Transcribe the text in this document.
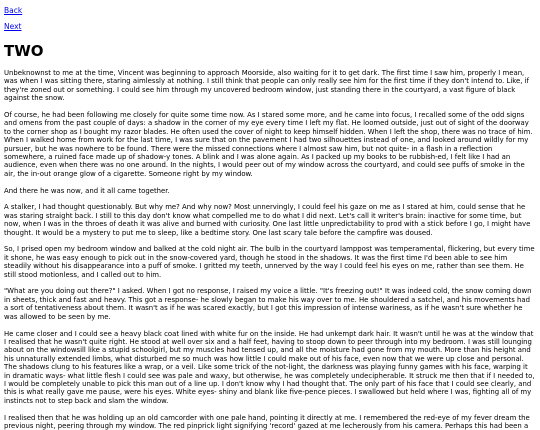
Back
Next
TWO

Unbeknownst to me at the time, Vincent was beginning to approach Moorside, also waiting for it to get dark. The first time I saw him, properly I mean, was when I was sitting there, staring aimlessly at nothing. I still think that people can only really see him for the first time if they don't intend to. Like, if they're zoned out or something. I could see him through my uncovered bedroom window, just standing there in the courtyard, a vast figure of black against the snow.

Of course, he had been following me closely for quite some time now. As I stared some more, and he came into focus, I recalled some of the odd signs and omens from the past couple of days: a shadow in the corner of my eye every time I left my flat. He loomed outside, just out of sight of the doorway to the corner shop as I bought my razor blades. He often used the cover of night to keep himself hidden. When I left the shop, there was no trace of him. When I walked home from work for the last time, I was sure that on the pavement I had two silhouettes instead of one, and looked around wildly for my pursuer, but he was nowhere to be found. There were the missed connections where I almost saw him, but not quite- in a flash in a reflection somewhere, a ruined face made up of shadow-y tones. A blink and I was alone again. As I packed up my books to be rubbish-ed, I felt like I had an audience, even when there was no one around. In the nights, I would peer out of my window across the courtyard, and could see puffs of smoke in the air, the in-out orange glow of a cigarette. Someone right by my window.

And there he was now, and it all came together.

A stalker, I had thought questionably. But why me? And why now? Most unnervingly, I could feel his gaze on me as I stared at him, could sense that he was staring straight back. I still to this day don't know what compelled me to do what I did next. Let's call it writer's brain: inactive for some time, but now, when I was in the throes of death it was alive and burned with curiosity. One last little unpredictability to prod with a stick before I go, I might have thought. It would be a mystery to put me to sleep, like a bedtime story. One last scary tale before the campfire was doused.

So, I prised open my bedroom window and balked at the cold night air. The bulb in the courtyard lamppost was temperamental, flickering, but every time it shone, he was easy enough to pick out in the snow-covered yard, though he stood in the shadows. It was the first time I'd been able to see him steadily without his disappearance into a puff of smoke. I gritted my teeth, unnerved by the way I could feel his eyes on me, rather than see them. He still stood motionless, and I called out to him.

"What are you doing out there?" I asked. When I got no response, I raised my voice a little. "It's freezing out!" It was indeed cold, the snow coming down in sheets, thick and fast and heavy. This got a response- he slowly began to make his way over to me. He shouldered a satchel, and his movements had a sort of tentativeness about them. It wasn't as if he was scared exactly, but I got this impression of intense wariness, as if he wasn't sure whether he was allowed to be seen by me.

He came closer and I could see a heavy black coat lined with white fur on the inside. He had unkempt dark hair. It wasn't until he was at the window that I realised that he wasn't quite right. He stood at well over six and a half feet, having to stoop down to peer through into my bedroom. I was still lounging about on the windowsill like a stupid schoolgirl, but my muscles had tensed up, and all the moisture had gone from my mouth. More than his height and his unnaturally extended limbs, what disturbed me so much was how little I could make out of his face, even now that we were up close and personal. The shadows clung to his features like a wrap, or a veil. Like some trick of the not-light, the darkness was playing funny games with his face, warping it in dramatic ways- what little flesh I could see was pale and waxy, but otherwise, he was completely undecipherable. It struck me then that if I needed to, I would be completely unable to pick this man out of a line up. I don't know why I had thought that. The only part of his face that I could see clearly, and this is what really gave me pause, were his eyes. White eyes- shiny and blank like five-pence pieces. I swallowed but held where I was, fighting all of my instincts not to step back and slam the window.

I realised then that he was holding up an old camcorder with one pale hand, pointing it directly at me. I remembered the red-eye of my fever dream the previous night, peering through my window. The red pinprick light signifying 'record' gazed at me lecherously from his camera. Perhaps this had been a
